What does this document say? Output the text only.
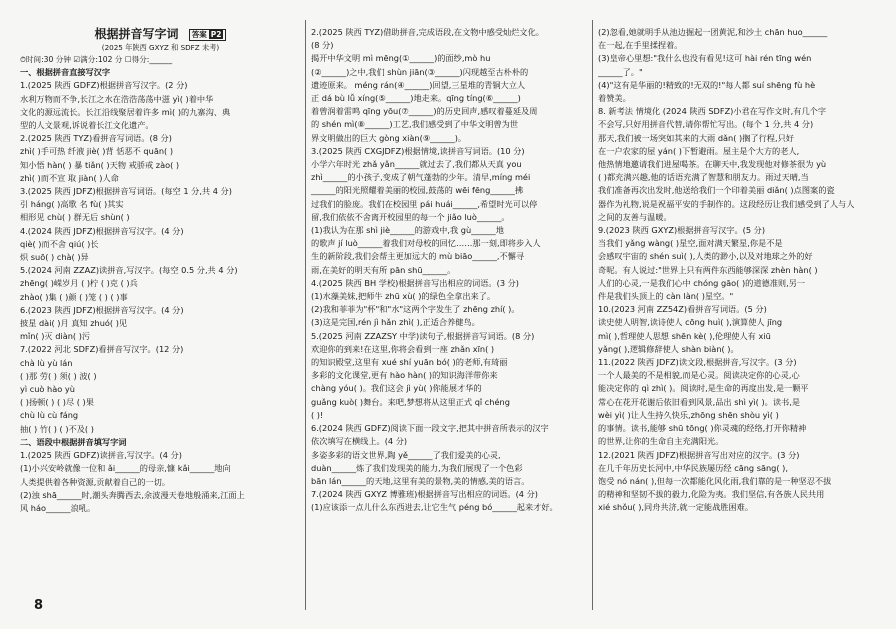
根据拼音写字词 答案 P2
(2025 年陕西 GXYZ 和 SDFZ 未考)
⏱时间:30 分钟 ☑满分:102 分 ☐得分:______
一、根据拼音直接写汉字
1.(2025 陕西 GDFZ)根据拼音写汉字。(2 分)
水利万物而不争,长江之水在浩浩荡荡中滋 yì( )着中华
文化的源远流长。长江沿线聚居着许多 mì( )的九寨沟、典
型的人文景观,诉说着长江文化遗产。
2.(2025 陕西 TYZ)看拼音写词语。(8 分)
zhì( )手可热 纤液 jiè( )背 恬恶不 quān( )
知小悟 hàn( ) 暴 tiǎn( )天物 戒骄戒 zào( )
zhì( )而不宣 取 jiàn( )人命
3.(2025 陕西 JDFZ)根据拼音写词语。(每空 1 分,共 4 分)
引 háng( )高歌 名 fù( )其实
相形见 chù( ) 群无后 shùn( )
4.(2024 陕西 JDFZ)根据拼音写汉字。(4 分)
qiè( )而不舍 qiú( )长
炽 suō( ) chà( )异
5.(2024 河南 ZZAZ)读拼音,写汉字。(每空 0.5 分,共 4 分)
zhēng( )嵘岁月 ( )柠 ( )克 ( )兵
zhào( )集 ( )颜 ( )笼 ( ) ( )事
6.(2023 陕西 JDFZ)根据拼音写汉字。(4 分)
披星 dài( )月 真知 zhuó( )见
mǐn( )灭 diàn( )污
7.(2022 河北 SDFZ)看拼音写汉字。(12 分)
chà lù yù lán
( )那 劳( ) 须( ) 波( )
yì cuò hào yù
( )扬顿( ) ( )尽 ( )果
chù lù cù fáng
抽( ) 竹( ) ( )不及( )
二、语段中根据拼音填写字词
1.(2025 陕西 GDFZ)读拼音,写汉字。(4 分)
(1)小兴安岭就像一位和 ǎi______的母亲,慷 kǎi______地向
人类提供着各种资源,贡献着自己的一切。
(2)浊 shā______时,潮头奔腾西去,余波漫天卷地般涌来,江面上
风 háo______浪吼。
2.(2025 陕西 TYZ)借助拼音,完成语段,在文物中感受灿烂文化。
(8 分)
揭开中华文明 mì mēng(①______)的面纱,mò hu
(②______)之中,我们 shùn jiān(③______)闪现越至古朴朴的
遗迹原来。 méng rán(④______)回望,三星堆的青铜大立人
正 dá bù lǚ xíng(⑤______)地走来。qīng tíng(⑥______)
着曾润着雷鸣 qīng yōu(⑦______)的历史回声,感叹着蔓延及周
的 shén mì(⑧______)工艺,我们感受到了中华文明曾为世
界文明做出的巨大 gòng xiàn(⑨______)。
3.(2025 陕西 CXGJDFZ)根据情境,读拼音写词语。(10 分)
小学六年时光 zhǎ yǎn______就过去了,我们都从天真 you
zhì______的小孩子,变成了朝气蓬勃的少年。清早,míng méi
______的阳光照耀着美丽的校园,鼓荡的 wēi fēng______拂
过我们的脸庞。我们在校园里 pái huái______,希望时光可以停
留,我们依依不舍离开校园里的每一个 jiǎo luò______。
(1)我认为在那 shì jiè______的游戏中,我 gù______地
的歌声 jí luò______着我们对母校的回忆……那一刻,即将步入人
生的新阶段,我们会帮主更加远大的 mù biāo______,不懈寻
雨,在美好的明天有所 pān shū______。
4.(2025 陕西 BH 学校)根据拼音写出相应的词语。(3 分)
(1)水藻美妹,把师牛 zhū xù( )的绿色全拿出来了。
(2)我和菲菲为"杯"和"水"这两个字发生了 zhēng zhí( )。
(3)这是完国,rén jì hǎn zhì( ),正适合养健鸟。
5.(2025 河南 ZZAZSY 中学)读句子,根据拼音写词语。(8 分)
欢迎你的到来!在这里,你将会看到一座 zhǎn xīn( )
的知识殿堂,这里有 xué shí yuān bó( )的老师,有琦丽
多彩的文化课堂,更有 hào hàn( )的知识海洋带你来
chàng yóu( )。我们这会 jì yù( )你能展才华的
guǎng kuò( )舞台。来吧,梦想将从这里正式 qǐ chéng
( )!
6.(2024 陕西 GDFZ)阅读下面一段文字,把其中拼音所表示的汉字
依次填写在横线上。(4 分)
多姿多彩的语文世界,陶 yě______了我们爱美的心灵,
duàn______炼了我们发现美的能力,为我们展现了一个色彩
bān lán______的天地,这里有美的景物,美的情感,美的语言。
7.(2024 陕西 GXYZ 博雅班)根据拼音写出相应的词语。(4 分)
(1)应该添一点儿什么东西进去,让它生气 péng bó______起来才好。
(2)忽看,她就明手从池边掘起一团黄泥,和沙土 chān huo______
在一起,在手里揉捏着。
(3)皇帝心里想:"我什么也没有看见!这可 hài rén tīng wén
______了。"
(4)"这有是华丽的!精致的!无双的!"每人都 suí shēng fù hè
着赞美。
8. 新考法 情境化 (2024 陕西 SDFZ)小君在写作文时,有几个字
不会写,只好用拼音代替,请你帮忙写出。(每个 1 分,共 4 分)
那天,我们被一场突如其来的大雨 dǎn( )搁了行程,只好
在一户农家的屋 yán( )下暂避雨。屋主是个大方的老人,
他热情地邀请我们进屋喝茶。在聊天中,我发现他对修茶很为 yù
( )都充满兴趣,他的话语充满了智慧和朋友力。雨过天晴,当
我们准备再次出发时,他送给我们一个印着美丽 diǎn( )点图案的瓷
器作为礼物,说是祝福平安的手制作的。这段经历让我们感受到了人与人
之间的友善与温暖。
9.(2023 陕西 GXYZ)根据拼音写汉字。(5 分)
当我们 yǎng wàng( )星空,面对满天繁星,你是不是
会感叹宇宙的 shén suì( ),人类的渺小,以及对地球之外的好
奇呢。有人说过:"世界上只有两件东西能够深深 zhèn hàn( )
人们的心灵,一是我们心中 chóng gāo( )的道德准则,另一
件是我们头顶上的 càn làn( )星空。"
10.(2023 河南 ZZ54Z)看拼音写词语。(5 分)
读史使人明智,读诗使人 cōng huì( ),演算使人 jīng
mì( ),哲理使人思想 shēn kè( ),伦理使人有 xiū
yǎng( ),逻辑修辞使人 shàn biàn( )。
11.(2022 陕西 JDFZ)读文段,根据拼音,写汉字。(3 分)
一个人最美的不是相貌,而是心灵。阅读决定你的心灵,心
能决定你的 qì zhì( )。阅读时,是生命的再度出发,是一颗平
常心在花开花谢后依旧看到风景,品出 shì yì( )。读书,是
wèi yì( )让人生持久快乐,zhōng shēn shòu yì( )
的事情。读书,能够 shū tōng( )你灵魂的经络,打开你精神
的世界,让你的生命自主充满阳光。
12.(2021 陕西 JDFZ)根据拼音写出对应的汉字。(3 分)
在几千年历史长河中,中华民族屡历经 cāng sāng( ),
饱受 nó nán( ),但每一次都能化风化雨,我们靠的是一种坚忍不拔
的精神和坚韧不拔的毅力,化险为夷。我们坚信,有各族人民共用
xié shǒu( ),同舟共济,就一定能战胜困难。
8
